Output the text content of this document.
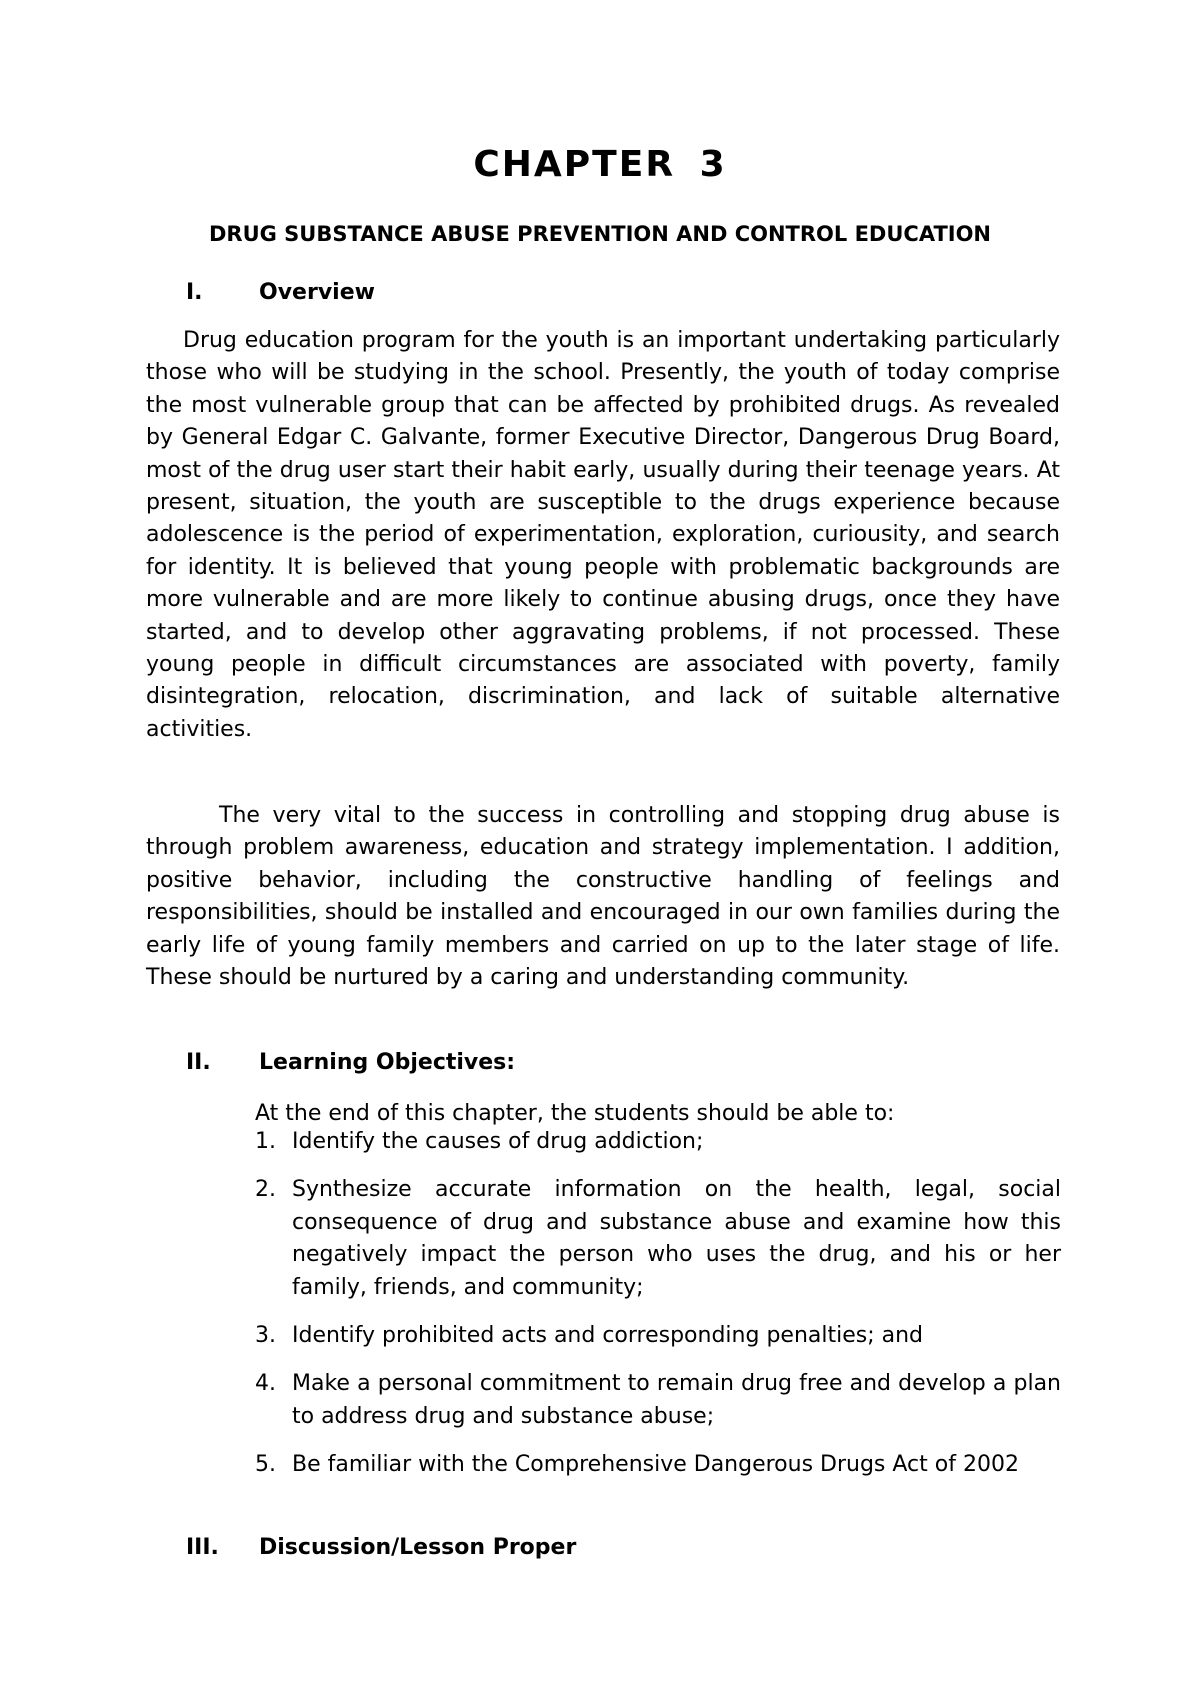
CHAPTER 3
DRUG SUBSTANCE ABUSE PREVENTION AND CONTROL EDUCATION
I.	Overview
Drug education program for the youth is an important undertaking particularly those who will be studying in the school. Presently, the youth of today comprise the most vulnerable group that can be affected by prohibited drugs. As revealed by General Edgar C. Galvante, former Executive Director, Dangerous Drug Board, most of the drug user start their habit early, usually during their teenage years. At present, situation, the youth are susceptible to the drugs experience because adolescence is the period of experimentation, exploration, curiousity, and search for identity. It is believed that young people with problematic backgrounds are more vulnerable and are more likely to continue abusing drugs, once they have started, and to develop other aggravating problems, if not processed. These young people in difficult circumstances are associated with poverty, family disintegration, relocation, discrimination, and lack of suitable alternative activities.
The very vital to the success in controlling and stopping drug abuse is through problem awareness, education and strategy implementation. I addition, positive behavior, including the constructive handling of feelings and responsibilities, should be installed and encouraged in our own families during the early life of young family members and carried on up to the later stage of life. These should be nurtured by a caring and understanding community.
II. Learning Objectives:
At the end of this chapter, the students should be able to:
1. Identify the causes of drug addiction;
2. Synthesize accurate information on the health, legal, social consequence of drug and substance abuse and examine how this negatively impact the person who uses the drug, and his or her family, friends, and community;
3. Identify prohibited acts and corresponding penalties; and
4. Make a personal commitment to remain drug free and develop a plan to address drug and substance abuse;
5. Be familiar with the Comprehensive Dangerous Drugs Act of 2002
III. Discussion/Lesson Proper
